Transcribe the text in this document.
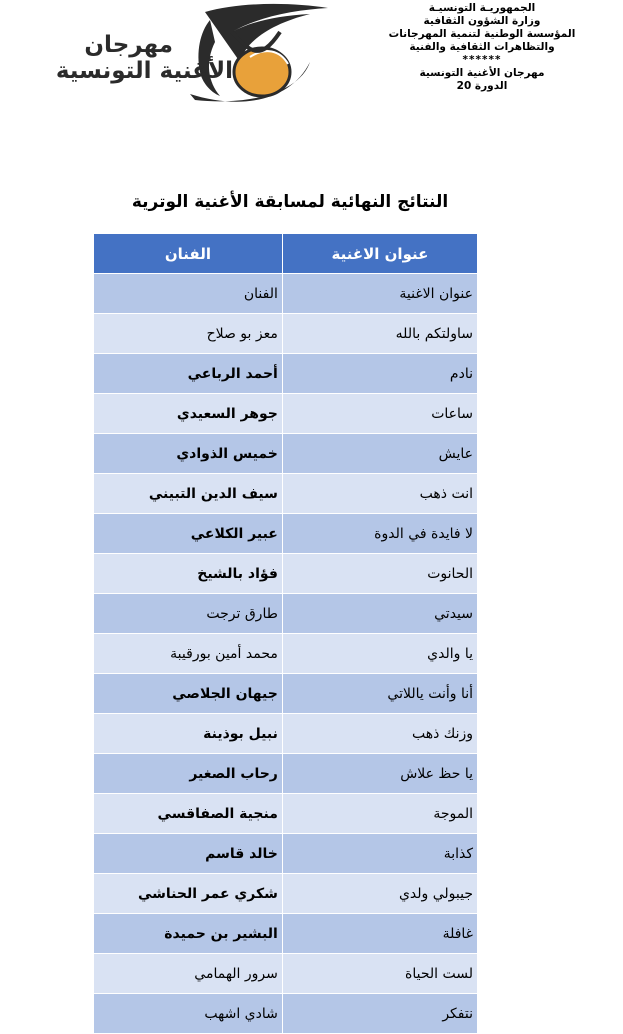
مهرجان
الأغنية التونسية
الجمهوريـة التونسيـة
وزارة الشؤون الثقافية
المؤسسة الوطنية لتنمية المهرجانات
والتظاهرات الثقافية والفنية
******
مهرجان الأغنية التونسية
الدورة 20
النتائج النهائية لمسابقة الأغنية الوترية
عنوان الاغنية	الفنان
عنوان الاغنية	الفنان
ساولتكم بالله	معز بو صلاح
نادم	أحمد الرباعي
ساعات	جوهر السعيدي
عايش	خميس الذوادي
انت ذهب	سيف الدين التبيني
لا فايدة في الدوة	عبير الكلاعي
الحانوت	فؤاد بالشيخ
سيدتي	طارق ترجت
يا والدي	محمد أمين بورقيبة
أنا وأنت ياللاتي	جيهان الجلاصي
وزنك ذهب	نبيل بوذينة
يا حظ علاش	رحاب الصغير
الموجة	منجية الصفاقسي
كذابة	خالد قاسم
جيبولي ولدي	شكري عمر الحناشي
غافلة	البشير بن حميدة
لست الحياة	سرور الهمامي
نتفكر	شادي اشهب
